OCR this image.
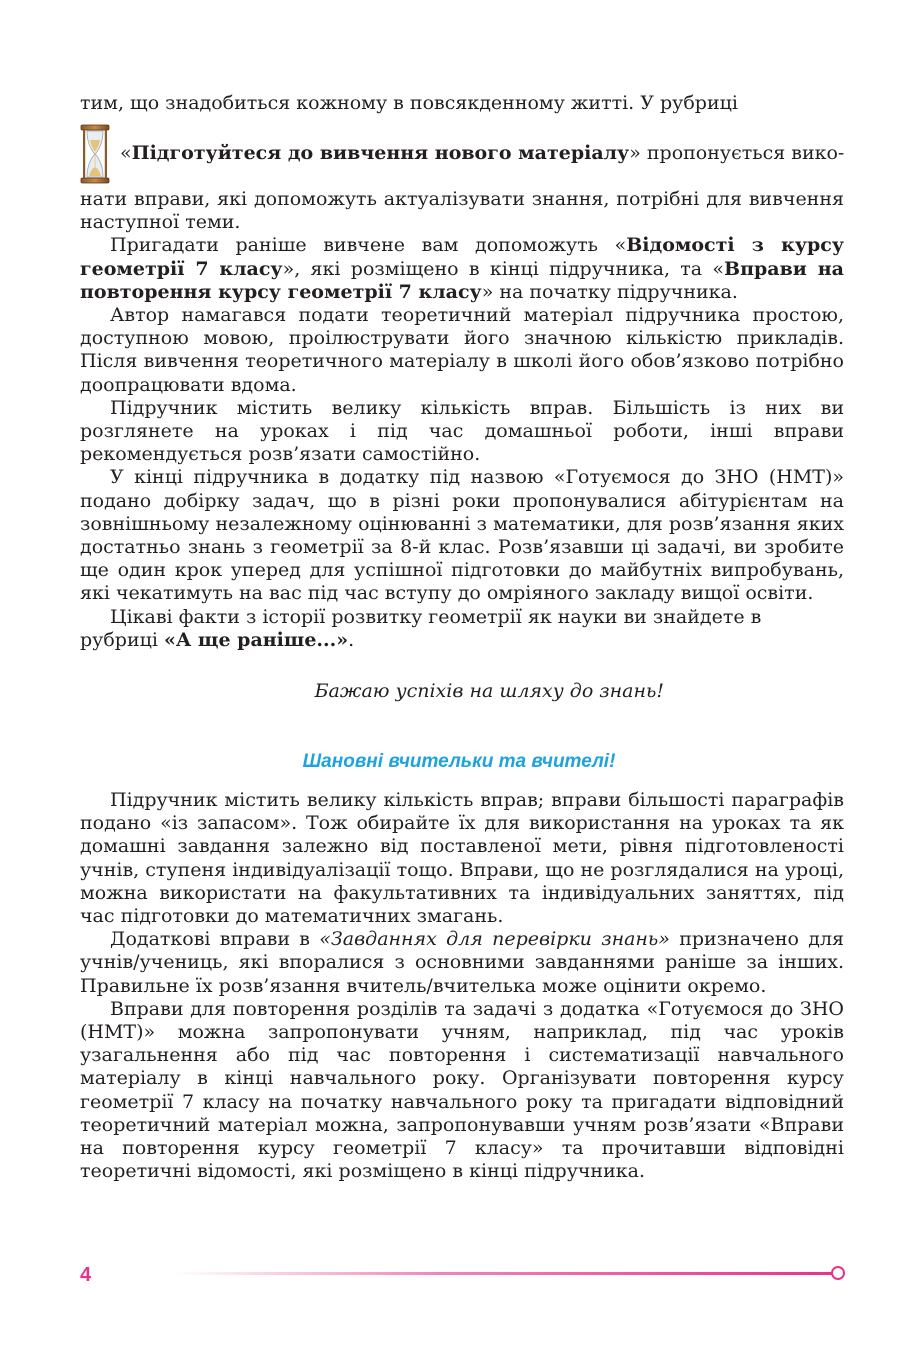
тим, що знадобиться кожному в повсякденному житті. У рубриці

«Підготуйтеся до вивчення нового матеріалу» пропонується вико-

нати вправи, які допоможуть актуалізувати знання, потрібні для вивчення наступної теми.

Пригадати раніше вивчене вам допоможуть «Відомості з курсу геометрії 7 класу», які розміщено в кінці підручника, та «Вправи на повторення курсу геометрії 7 класу» на початку підручника.

Автор намагався подати теоретичний матеріал підручника простою, доступною мовою, проілюструвати його значною кількістю прикладів. Після вивчення теоретичного матеріалу в школі його обов’язково потрібно доопрацювати вдома.

Підручник містить велику кількість вправ. Більшість із них ви розглянете на уроках і під час домашньої роботи, інші вправи рекомендується розв’язати самостійно.

У кінці підручника в додатку під назвою «Готуємося до ЗНО (НМТ)» подано добірку задач, що в різні роки пропонувалися абітурієнтам на зовнішньому незалежному оцінюванні з математики, для розв’язання яких достатньо знань з геометрії за 8-й клас. Розв’язавши ці задачі, ви зробите ще один крок уперед для успішної підготовки до майбутніх випробувань, які чекатимуть на вас під час вступу до омріяного закладу вищої освіти.

Цікаві факти з історії розвитку геометрії як науки ви знайдете в рубриці «А ще раніше...».

Бажаю успіхів на шляху до знань!
Шановні вчительки та вчителі!

Підручник містить велику кількість вправ; вправи більшості параграфів подано «із запасом». Тож обирайте їх для використання на уроках та як домашні завдання залежно від поставленої мети, рівня підготовленості учнів, ступеня індивідуалізації тощо. Вправи, що не розглядалися на уроці, можна використати на факультативних та індивідуальних заняттях, під час підготовки до математичних змагань.

Додаткові вправи в «Завданнях для перевірки знань» призначено для учнів/учениць, які впоралися з основними завданнями раніше за інших. Правильне їх розв’язання вчитель/вчителька може оцінити окремо.

Вправи для повторення розділів та задачі з додатка «Готуємося до ЗНО (НМТ)» можна запропонувати учням, наприклад, під час уроків узагальнення або під час повторення і систематизації навчального матеріалу в кінці навчального року. Організувати повторення курсу геометрії 7 класу на початку навчального року та пригадати відповідний теоретичний матеріал можна, запропонувавши учням розв’язати «Вправи на повторення курсу геометрії 7 класу» та прочитавши відповідні теоретичні відомості, які розміщено в кінці підручника.

4
